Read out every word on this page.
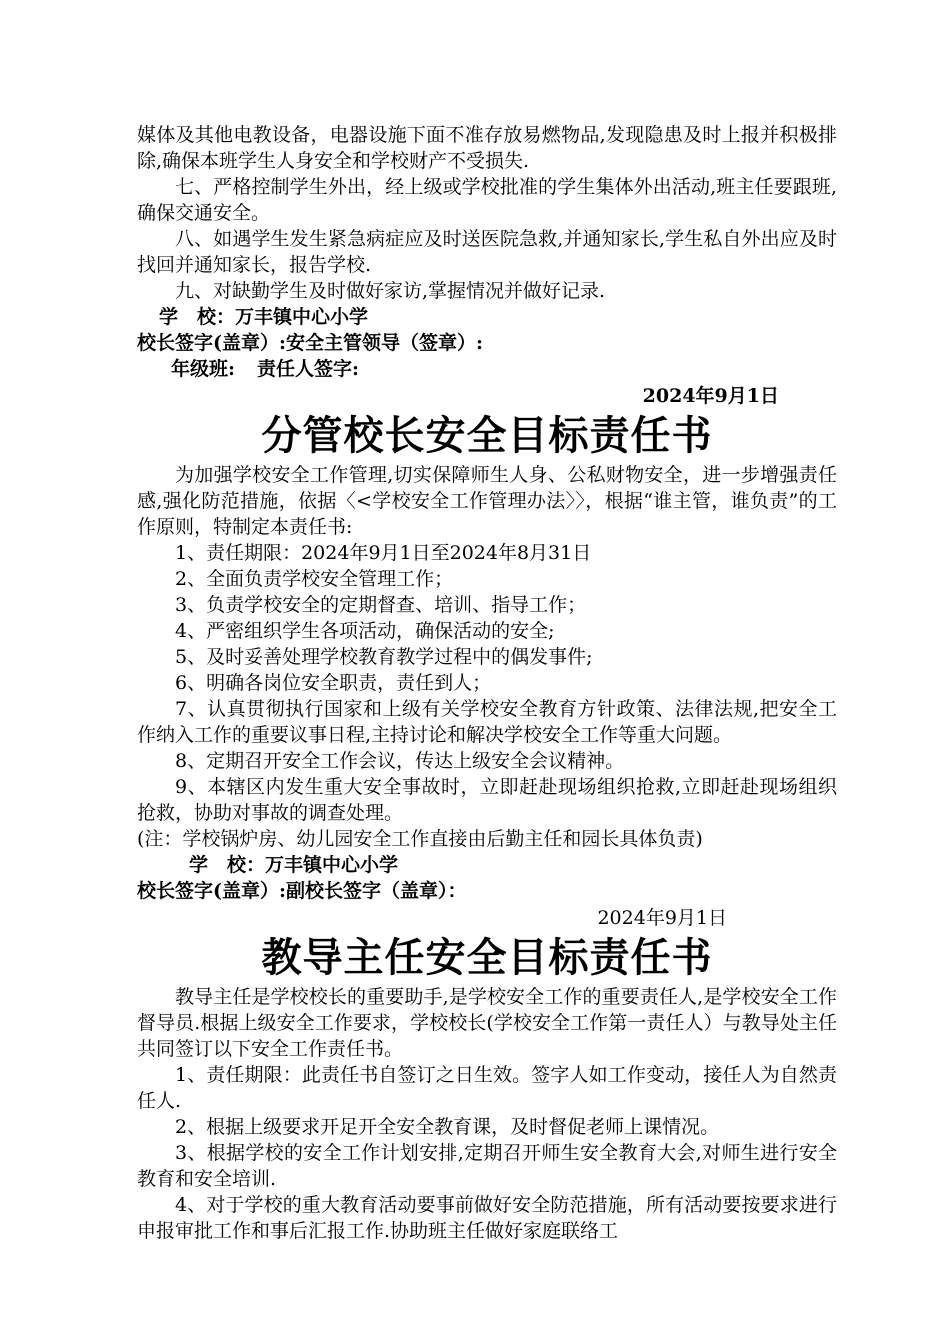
媒体及其他电教设备，电器设施下面不准存放易燃物品,发现隐患及时上报并积极排除,确保本班学生人身安全和学校财产不受损失.

七、严格控制学生外出，经上级或学校批准的学生集体外出活动,班主任要跟班,确保交通安全。

八、如遇学生发生紧急病症应及时送医院急救,并通知家长,学生私自外出应及时找回并通知家长，报告学校.

九、对缺勤学生及时做好家访,掌握情况并做好记录.

学　校：万丰镇中心小学

校长签字(盖章）:安全主管领导（签章）:

年级班: 责任人签字:

2024年9月1日

分管校长安全目标责任书

为加强学校安全工作管理,切实保障师生人身、公私财物安全，进一步增强责任感,强化防范措施，依据〈<学校安全工作管理办法〉〉，根据“谁主管，谁负责”的工作原则，特制定本责任书:

1、责任期限：2024年9月1日至2024年8月31日

2、全面负责学校安全管理工作；

3、负责学校安全的定期督查、培训、指导工作；

4、严密组织学生各项活动，确保活动的安全;

5、及时妥善处理学校教育教学过程中的偶发事件;

6、明确各岗位安全职责，责任到人；

7、认真贯彻执行国家和上级有关学校安全教育方针政策、法律法规,把安全工作纳入工作的重要议事日程,主持讨论和解决学校安全工作等重大问题。

8、定期召开安全工作会议，传达上级安全会议精神。

9、本辖区内发生重大安全事故时，立即赶赴现场组织抢救,立即赶赴现场组织抢救，协助对事故的调查处理。

(注：学校锅炉房、幼儿园安全工作直接由后勤主任和园长具体负责)

学　校：万丰镇中心小学

校长签字(盖章）:副校长签字（盖章）：

2024年9月1日

教导主任安全目标责任书

教导主任是学校校长的重要助手,是学校安全工作的重要责任人,是学校安全工作督导员.根据上级安全工作要求，学校校长(学校安全工作第一责任人）与教导处主任共同签订以下安全工作责任书。

1、责任期限：此责任书自签订之日生效。签字人如工作变动，接任人为自然责任人.

2、根据上级要求开足开全安全教育课，及时督促老师上课情况。

3、根据学校的安全工作计划安排,定期召开师生安全教育大会,对师生进行安全教育和安全培训.

4、对于学校的重大教育活动要事前做好安全防范措施，所有活动要按要求进行申报审批工作和事后汇报工作.协助班主任做好家庭联络工
